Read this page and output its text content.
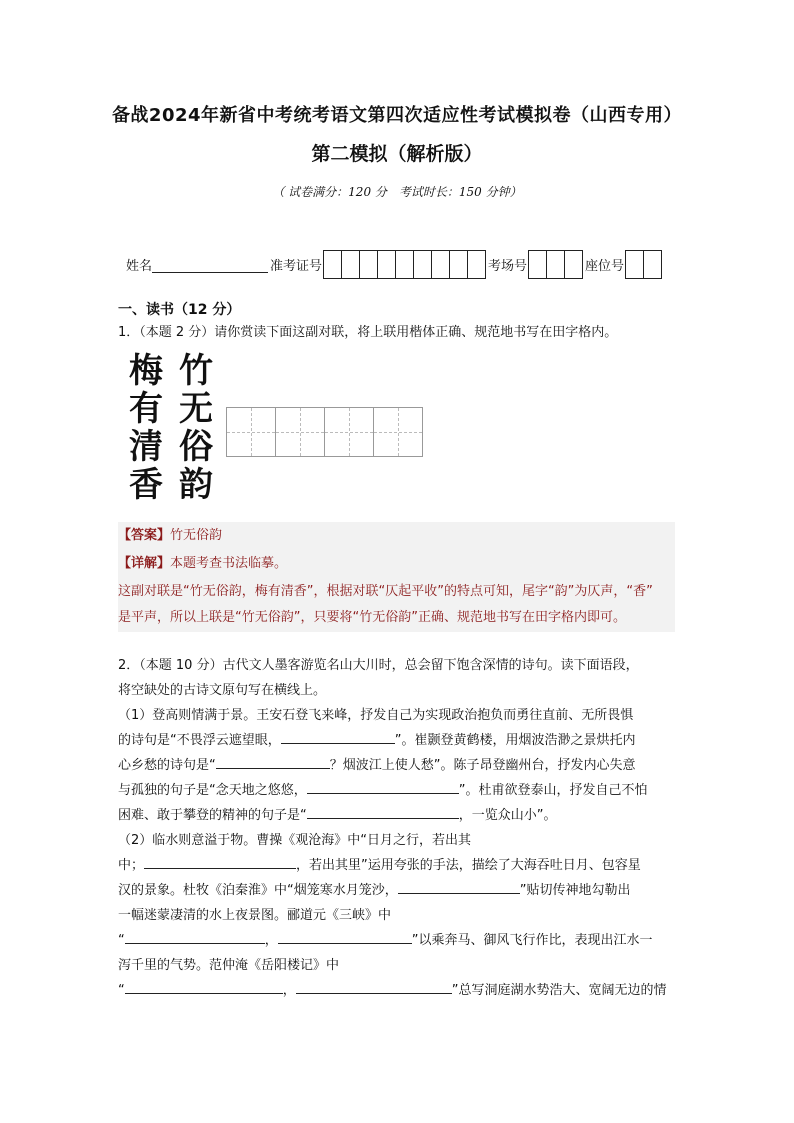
备战2024年新省中考统考语文第四次适应性考试模拟卷（山西专用）
第二模拟（解析版）
（ 试卷满分：120 分　考试时长：150 分钟）
姓名	准考证号	考场号	座位号
一、读书（12 分）
1．（本题 2 分）请你赏读下面这副对联，将上联用楷体正确、规范地书写在田字格内。
梅
有
清
香
竹
无
俗
韵

【答案】竹无俗韵

【详解】本题考查书法临摹。

这副对联是“竹无俗韵，梅有清香”，根据对联“仄起平收”的特点可知，尾字“韵”为仄声，“香”

是平声，所以上联是“竹无俗韵”，只要将“竹无俗韵”正确、规范地书写在田字格内即可。

2．（本题 10 分）古代文人墨客游览名山大川时，总会留下饱含深情的诗句。读下面语段，

将空缺处的古诗文原句写在横线上。

（1）登高则情满于景。王安石登飞来峰，抒发自己为实现政治抱负而勇往直前、无所畏惧

的诗句是“不畏浮云遮望眼，	”。崔颢登黄鹤楼，用烟波浩渺之景烘托内

心乡愁的诗句是“	？烟波江上使人愁”。陈子昂登幽州台，抒发内心失意

与孤独的句子是“念天地之悠悠，	”。杜甫欲登泰山，抒发自己不怕

困难、敢于攀登的精神的句子是“	，一览众山小”。

（2）临水则意溢于物。曹操《观沧海》中“日月之行，若出其

中；	，若出其里”运用夸张的手法，描绘了大海吞吐日月、包容星

汉的景象。杜牧《泊秦淮》中“烟笼寒水月笼沙，	”贴切传神地勾勒出

一幅迷蒙凄清的水上夜景图。郦道元《三峡》中

“	，	”以乘奔马、御风飞行作比，表现出江水一

泻千里的气势。范仲淹《岳阳楼记》中

“	，	”总写洞庭湖水势浩大、宽阔无边的情
